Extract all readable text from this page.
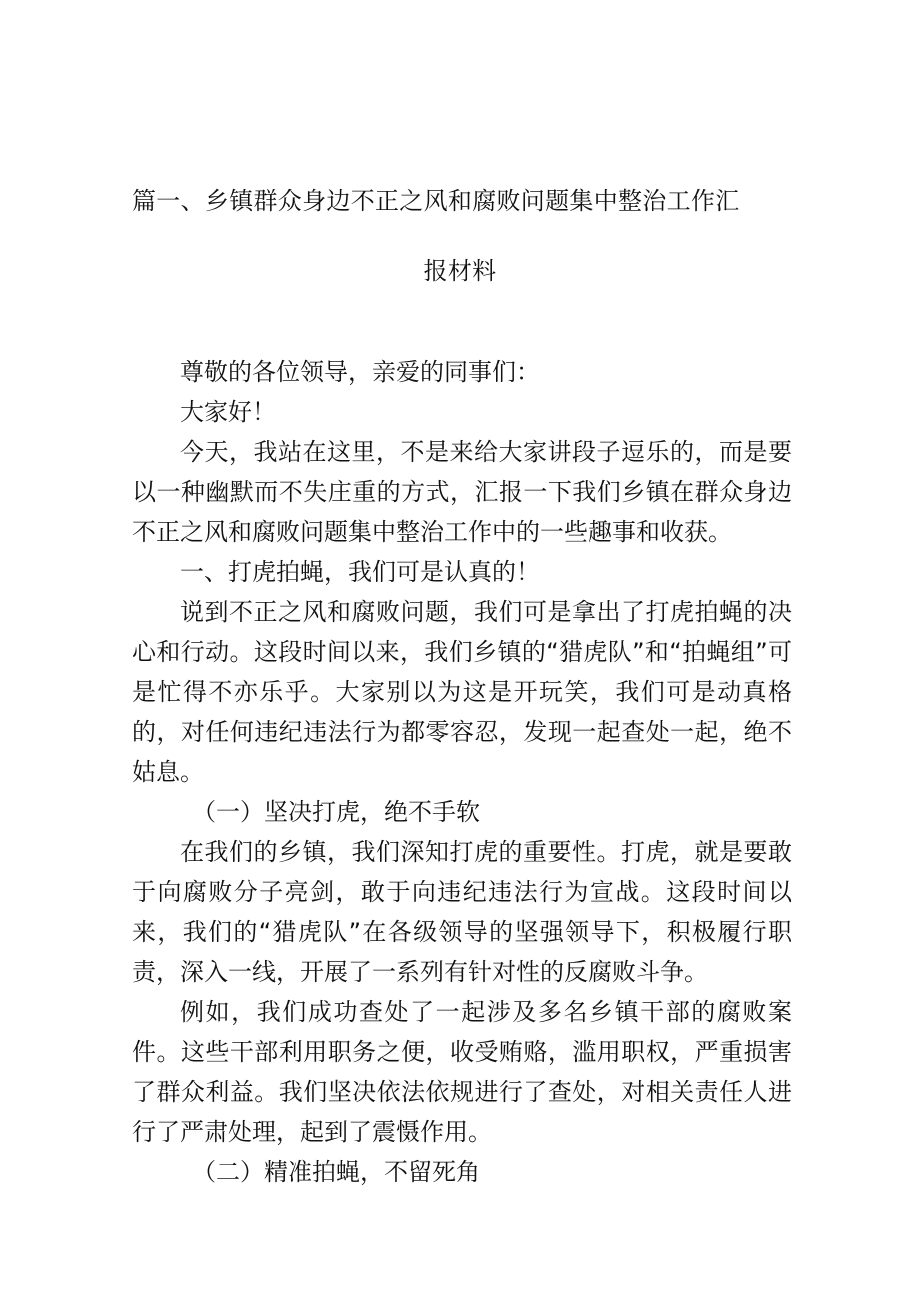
篇一、乡镇群众身边不正之风和腐败问题集中整治工作汇
报材料

尊敬的各位领导，亲爱的同事们：

大家好！

今天，我站在这里，不是来给大家讲段子逗乐的，而是要以一种幽默而不失庄重的方式，汇报一下我们乡镇在群众身边不正之风和腐败问题集中整治工作中的一些趣事和收获。

一、打虎拍蝇，我们可是认真的！

说到不正之风和腐败问题，我们可是拿出了打虎拍蝇的决心和行动。这段时间以来，我们乡镇的“猎虎队”和“拍蝇组”可是忙得不亦乐乎。大家别以为这是开玩笑，我们可是动真格的，对任何违纪违法行为都零容忍，发现一起查处一起，绝不姑息。

（一）坚决打虎，绝不手软

在我们的乡镇，我们深知打虎的重要性。打虎，就是要敢于向腐败分子亮剑，敢于向违纪违法行为宣战。这段时间以来，我们的“猎虎队”在各级领导的坚强领导下，积极履行职责，深入一线，开展了一系列有针对性的反腐败斗争。

例如，我们成功查处了一起涉及多名乡镇干部的腐败案件。这些干部利用职务之便，收受贿赂，滥用职权，严重损害了群众利益。我们坚决依法依规进行了查处，对相关责任人进行了严肃处理，起到了震慑作用。

（二）精准拍蝇，不留死角
